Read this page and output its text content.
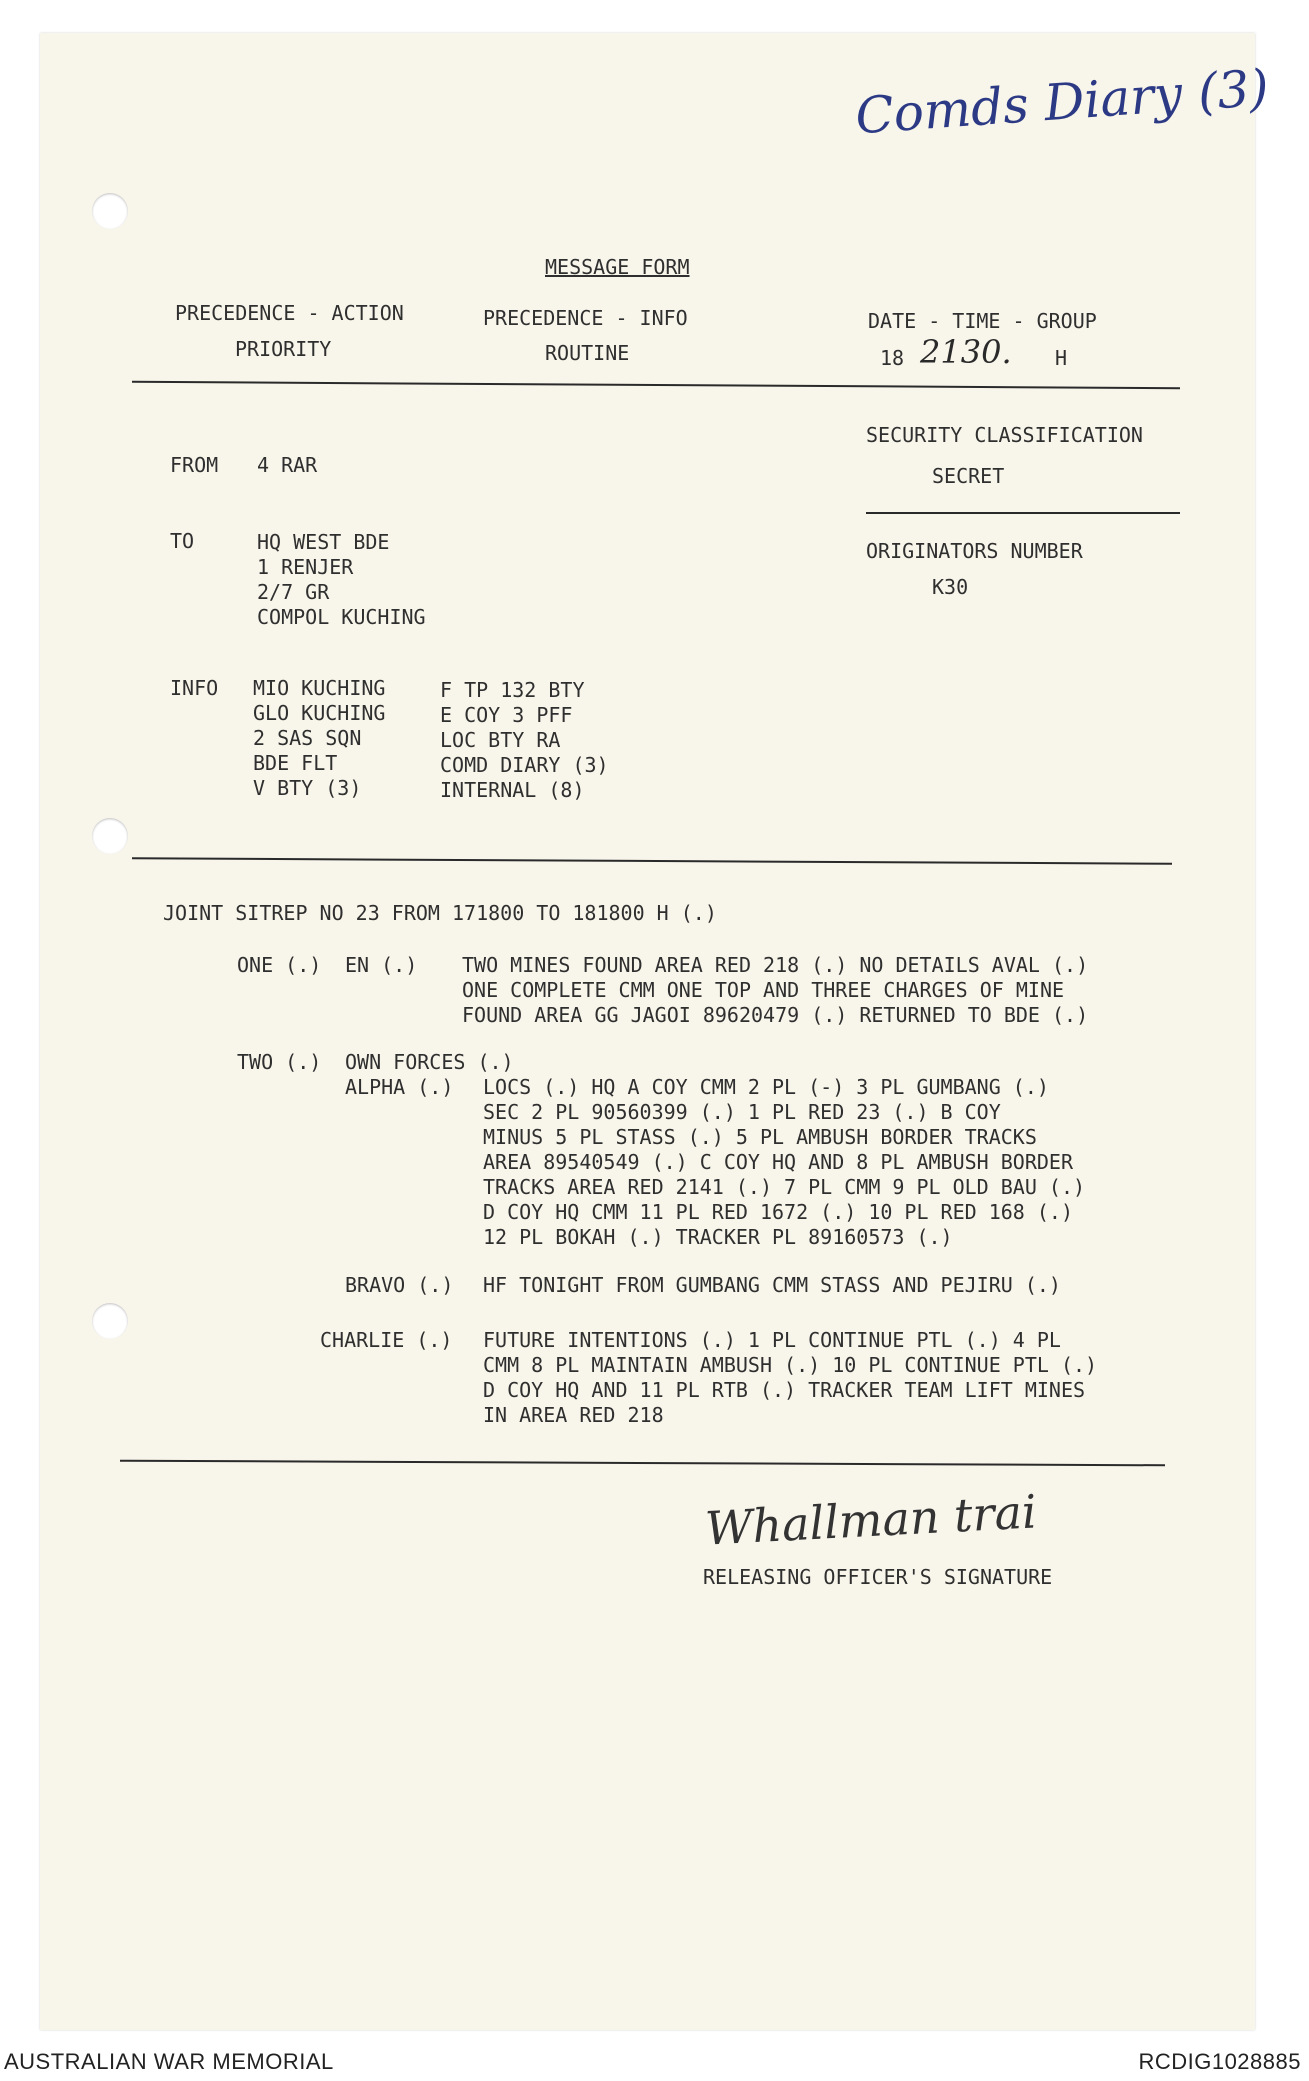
Comds Diary (3)
MESSAGE FORM
PRECEDENCE - ACTION
PRIORITY
PRECEDENCE - INFO
ROUTINE
DATE - TIME - GROUP
18 2130. H
SECURITY CLASSIFICATION
SECRET
ORIGINATORS NUMBER
K30
FROM 4 RAR
TO	HQ WEST BDE
1 RENJER
2/7 GR
COMPOL KUCHING
INFO MIO KUCHING
GLO KUCHING
2 SAS SQN
BDE FLT
V BTY (3)
F TP 132 BTY
E COY 3 PFF
LOC BTY RA
COMD DIARY (3)
INTERNAL (8)
JOINT SITREP NO 23 FROM 171800 TO 181800 H (.)
ONE (.) EN (.) TWO MINES FOUND AREA RED 218 (.) NO DETAILS AVAL (.)
ONE COMPLETE CMM ONE TOP AND THREE CHARGES OF MINE
FOUND AREA GG JAGOI 89620479 (.) RETURNED TO BDE (.)
TWO (.) OWN FORCES (.)
ALPHA (.) LOCS (.) HQ A COY CMM 2 PL (-) 3 PL GUMBANG (.)
SEC 2 PL 90560399 (.) 1 PL RED 23 (.) B COY
MINUS 5 PL STASS (.) 5 PL AMBUSH BORDER TRACKS
AREA 89540549 (.) C COY HQ AND 8 PL AMBUSH BORDER
TRACKS AREA RED 2141 (.) 7 PL CMM 9 PL OLD BAU (.)
D COY HQ CMM 11 PL RED 1672 (.) 10 PL RED 168 (.)
12 PL BOKAH (.) TRACKER PL 89160573 (.)
BRAVO (.) HF TONIGHT FROM GUMBANG CMM STASS AND PEJIRU (.)
CHARLIE (.) FUTURE INTENTIONS (.) 1 PL CONTINUE PTL (.) 4 PL
CMM 8 PL MAINTAIN AMBUSH (.) 10 PL CONTINUE PTL (.)
D COY HQ AND 11 PL RTB (.) TRACKER TEAM LIFT MINES
IN AREA RED 218
Whallman trai
RELEASING OFFICER'S SIGNATURE
AUSTRALIAN WAR MEMORIAL	RCDIG1028885
